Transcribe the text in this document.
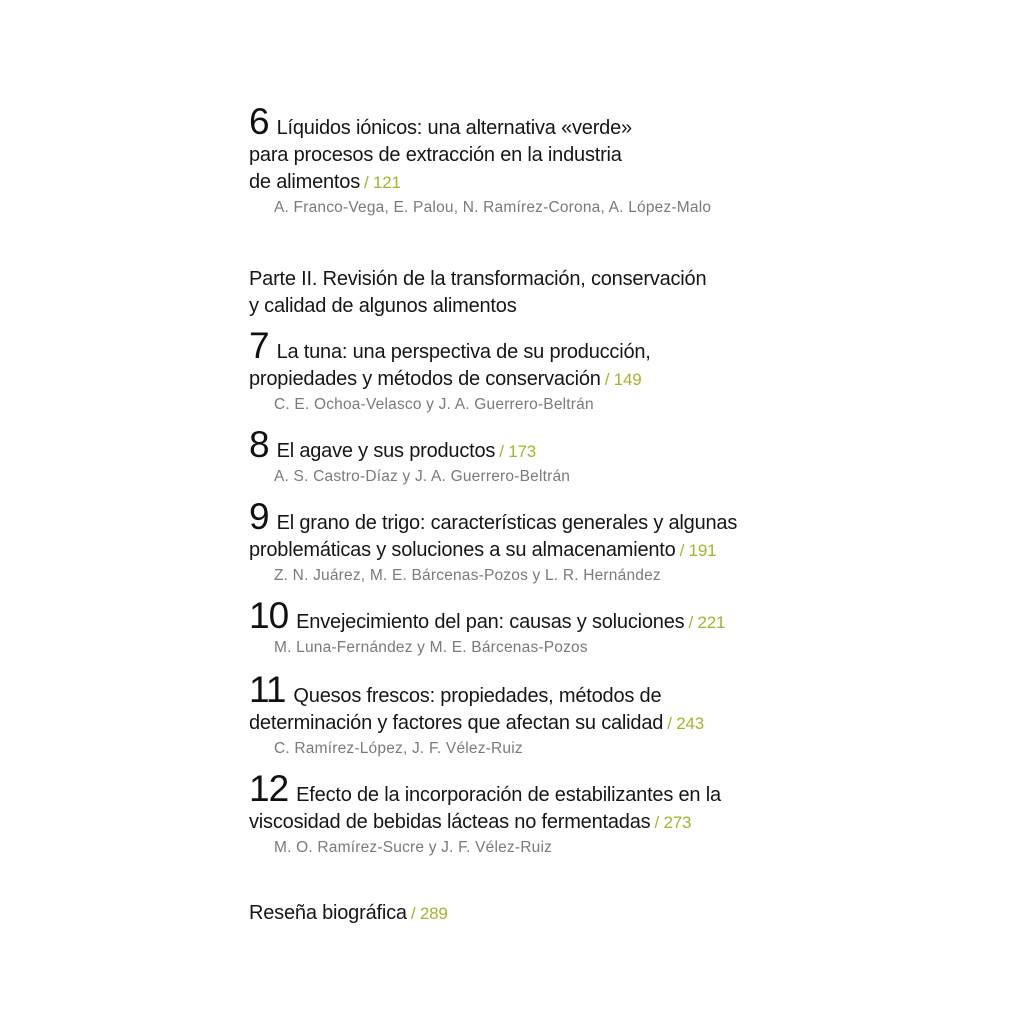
6 Líquidos iónicos: una alternativa «verde»
para procesos de extracción en la industria
de alimentos / 121
A. Franco-Vega, E. Palou, N. Ramírez-Corona, A. López-Malo
Parte II. Revisión de la transformación, conservación
y calidad de algunos alimentos
7 La tuna: una perspectiva de su producción,
propiedades y métodos de conservación / 149
C. E. Ochoa-Velasco y J. A. Guerrero-Beltrán
8 El agave y sus productos / 173
A. S. Castro-Díaz y J. A. Guerrero-Beltrán
9 El grano de trigo: características generales y algunas
problemáticas y soluciones a su almacenamiento / 191
Z. N. Juárez, M. E. Bárcenas-Pozos y L. R. Hernández
10 Envejecimiento del pan: causas y soluciones / 221
M. Luna-Fernández y M. E. Bárcenas-Pozos
11 Quesos frescos: propiedades, métodos de
determinación y factores que afectan su calidad / 243
C. Ramírez-López, J. F. Vélez-Ruiz
12 Efecto de la incorporación de estabilizantes en la
viscosidad de bebidas lácteas no fermentadas / 273
M. O. Ramírez-Sucre y J. F. Vélez-Ruiz
Reseña biográfica / 289
